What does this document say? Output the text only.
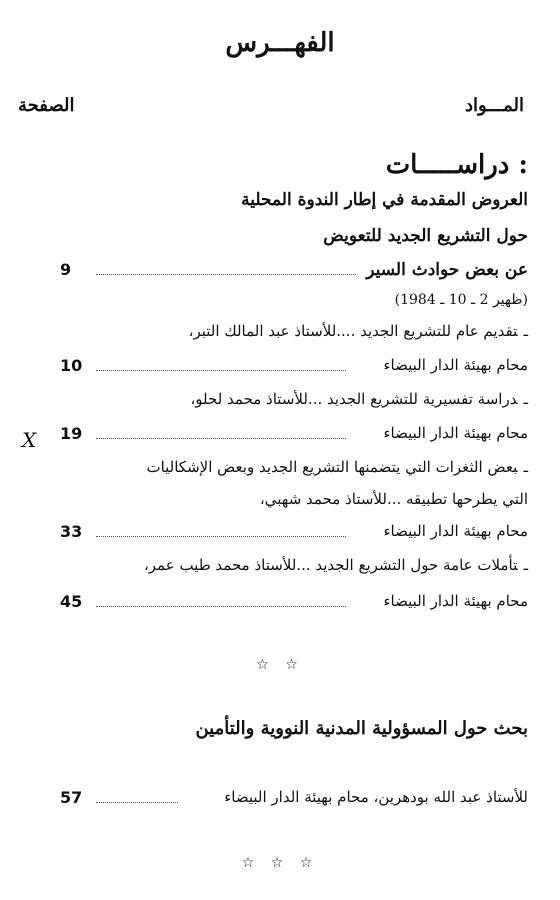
الفهـــرس
المـــواد
الصفحة
دراســـــات :
العروض المقدمة في إطار الندوة المحلية
حول التشريع الجديد للتعويض
عن بعض حوادث السير
9
(ظهير 2 ـ 10 ـ 1984)
ـتقديم عام للتشريع الجديد ....للأستاذ عبد المالك التبر،
محام بهيئة الدار البيضاء
10
ـدراسة تفسيرية للتشريع الجديد ...للأستاذ محمد لحلو،
محام بهيئة الدار البيضاء
19
X
ـبعض الثغرات التي يتضمنها التشريع الجديد وبعض الإشكاليات
التي يطرحها تطبيقه ...للأستاذ محمد شهبي،
محام بهيئة الدار البيضاء
33
ـتأملات عامة حول التشريع الجديد ...للأستاذ محمد طيب عمر،
محام بهيئة الدار البيضاء
45
☆ ☆
بحث حول المسؤولية المدنية النووية والتأمين
للأستاذ عبد الله بودهرين، محام بهيئة الدار البيضاء
57
☆ ☆ ☆
